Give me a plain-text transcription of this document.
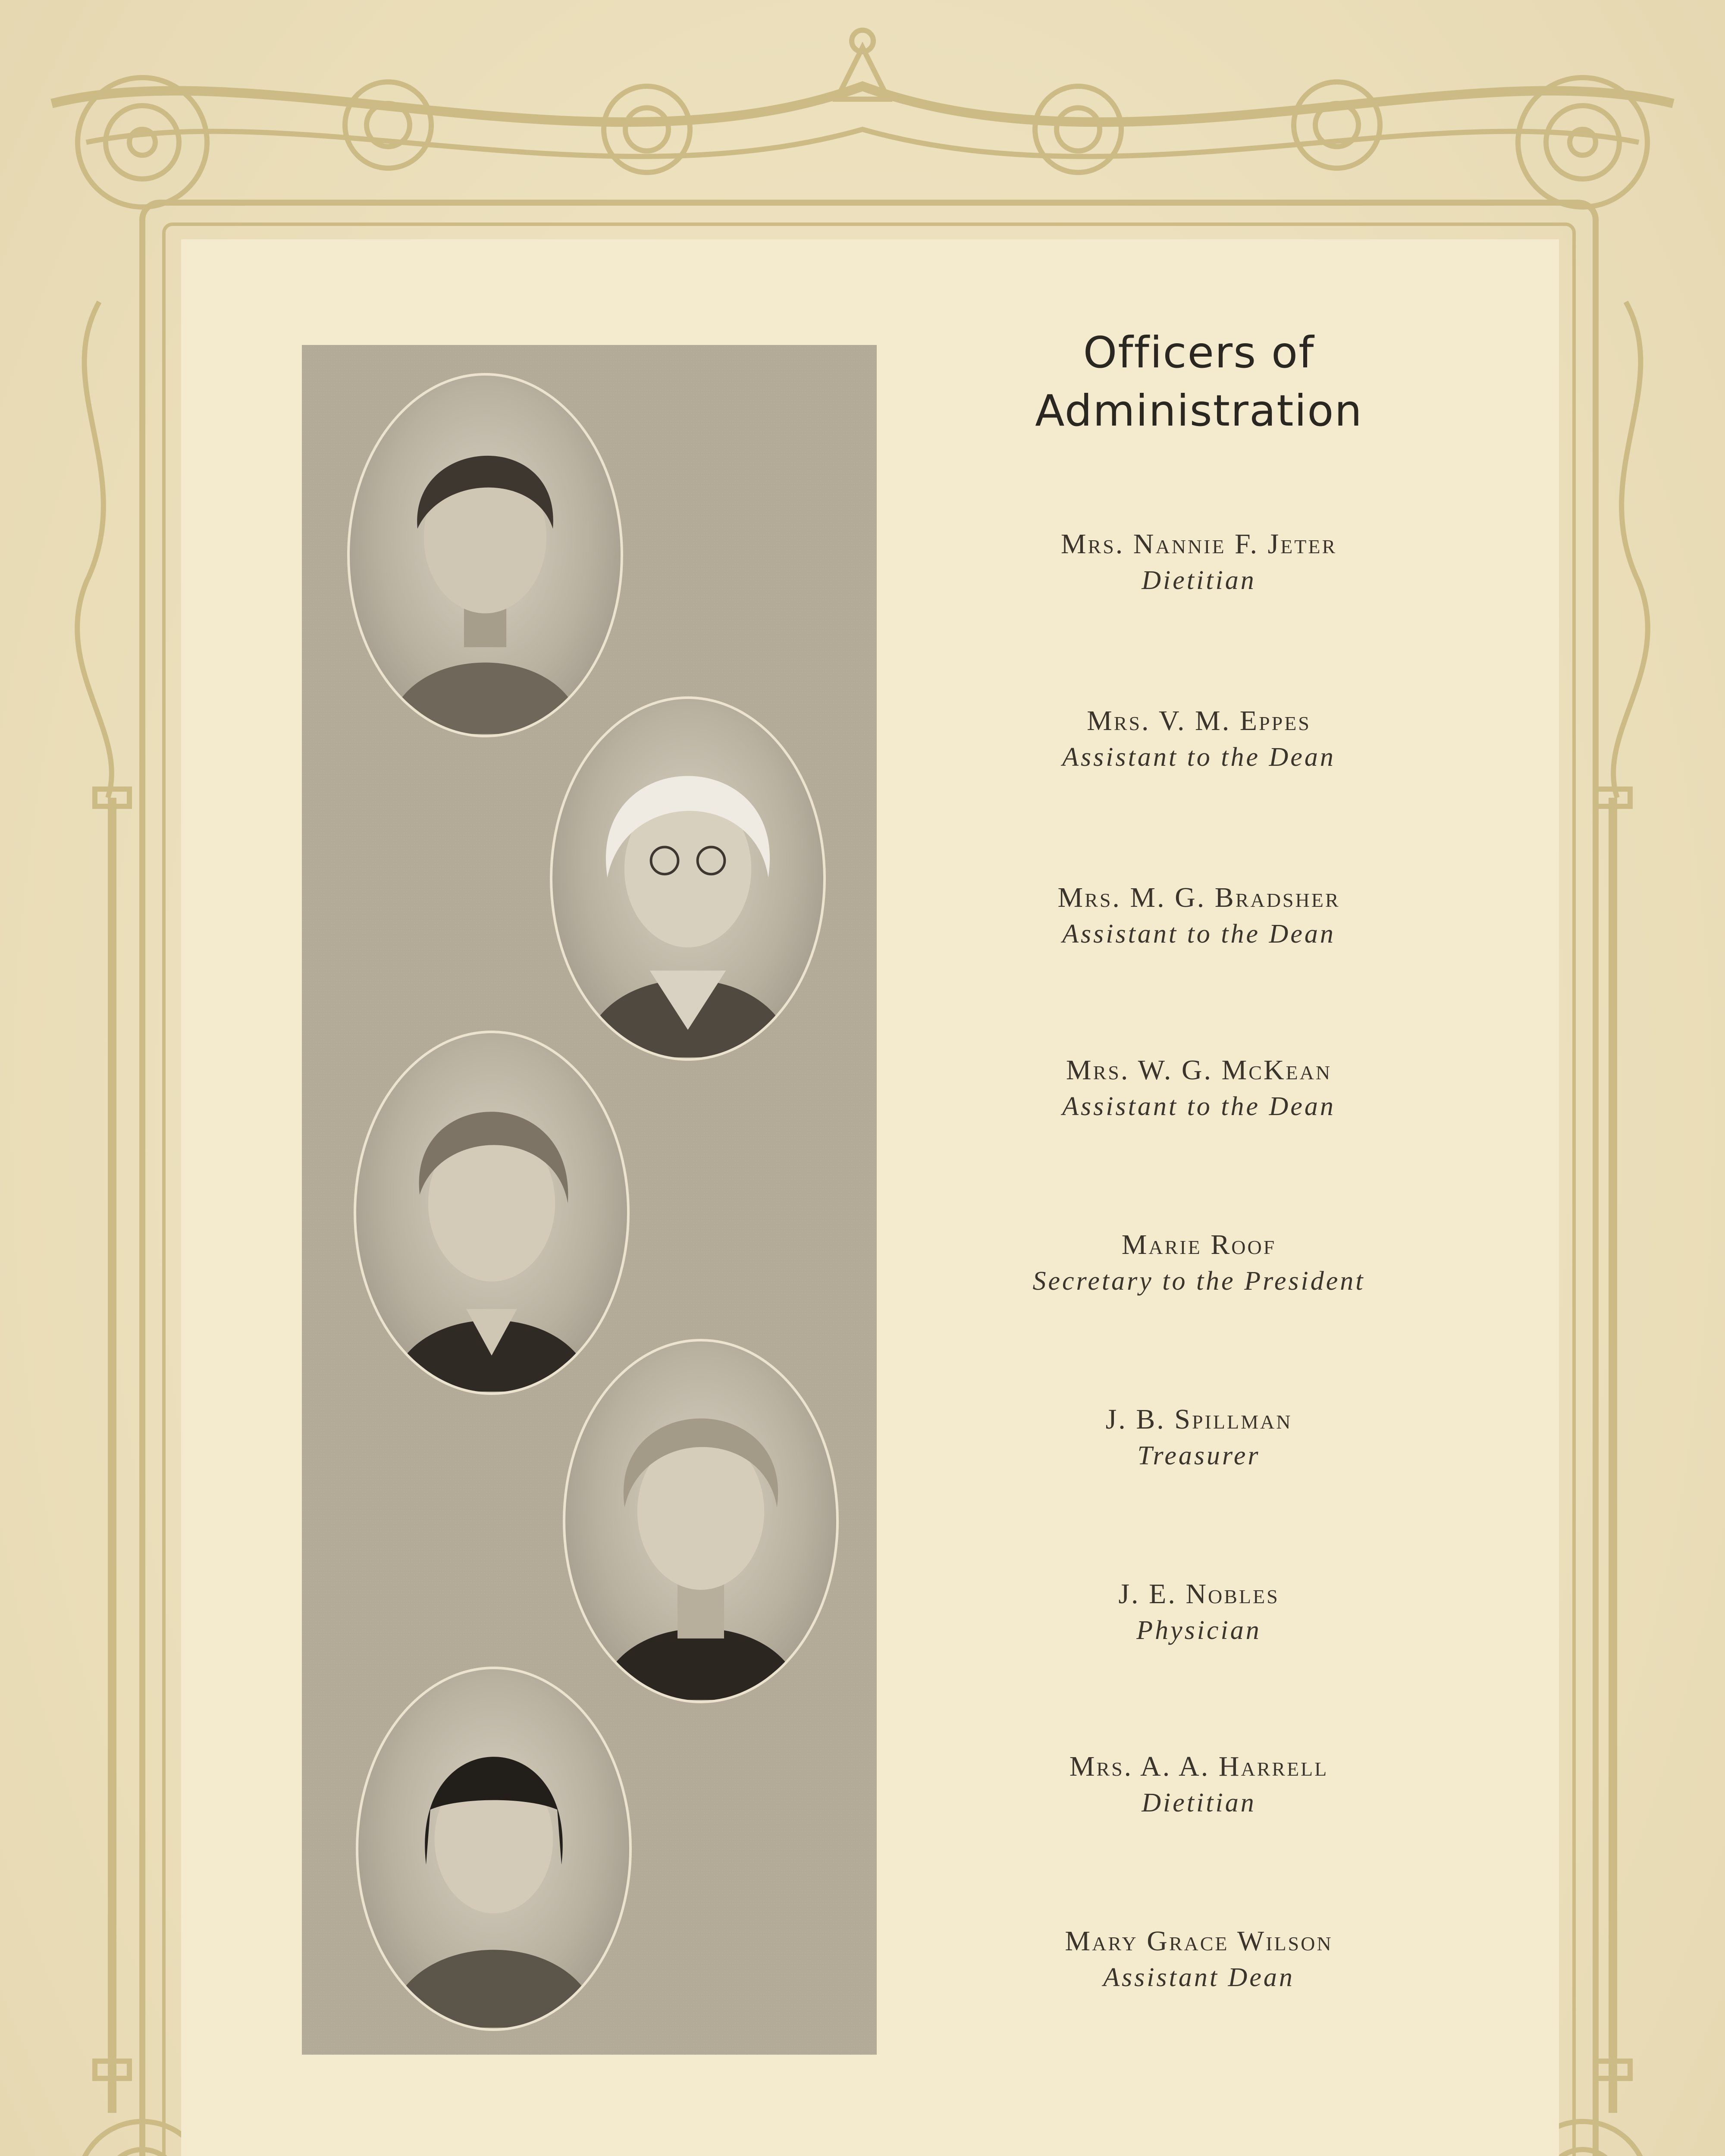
Officers of
Administration
Mrs. Nannie F. Jeter
Dietitian
Mrs. V. M. Eppes
Assistant to the Dean
Mrs. M. G. Bradsher
Assistant to the Dean
Mrs. W. G. McKean
Assistant to the Dean
Marie Roof
Secretary to the President
J. B. Spillman
Treasurer
J. E. Nobles
Physician
Mrs. A. A. Harrell
Dietitian
Mary Grace Wilson
Assistant Dean
